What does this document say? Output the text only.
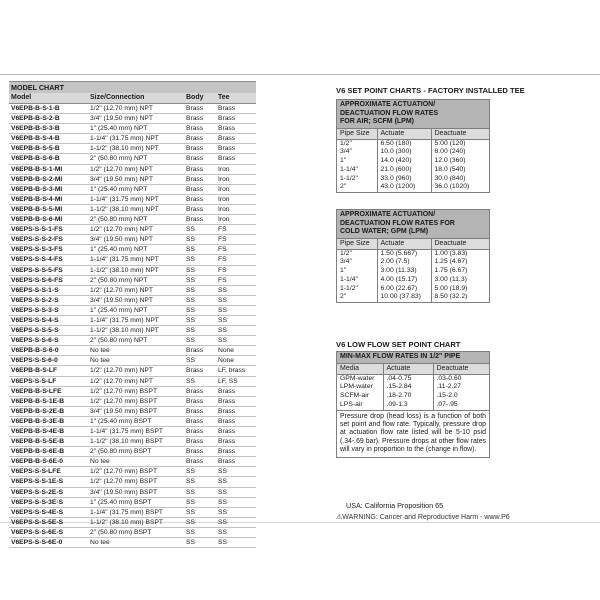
MODEL CHART
Model	Size/Connection	Body	Tee
V6EPB-B-S-1-B	1/2" (12.70 mm) NPT	Brass	Brass
V6EPB-B-S-2-B	3/4" (19.50 mm) NPT	Brass	Brass
V6EPB-B-S-3-B	1" (25.40 mm) NPT	Brass	Brass
V6EPB-B-S-4-B	1-1/4" (31.75 mm) NPT	Brass	Brass
V6EPB-B-S-5-B	1-1/2" (38.10 mm) NPT	Brass	Brass
V6EPB-B-S-6-B	2" (50.80 mm) NPT	Brass	Brass
V6EPB-B-S-1-MI	1/2" (12.70 mm) NPT	Brass	Iron
V6EPB-B-S-2-MI	3/4" (19.50 mm) NPT	Brass	Iron
V6EPB-B-S-3-MI	1" (25.40 mm) NPT	Brass	Iron
V6EPB-B-S-4-MI	1-1/4" (31.75 mm) NPT	Brass	Iron
V6EPB-B-S-5-MI	1-1/2" (38.10 mm) NPT	Brass	Iron
V6EPB-B-S-6-MI	2" (50.80 mm) NPT	Brass	Iron
V6EPS-S-S-1-FS	1/2" (12.70 mm) NPT	SS	FS
V6EPS-S-S-2-FS	3/4" (19.50 mm) NPT	SS	FS
V6EPS-S-S-3-FS	1" (25.40 mm) NPT	SS	FS
V6EPS-S-S-4-FS	1-1/4" (31.75 mm) NPT	SS	FS
V6EPS-S-S-5-FS	1-1/2" (38.10 mm) NPT	SS	FS
V6EPS-S-S-6-FS	2" (50.80 mm) NPT	SS	FS
V6EPS-S-S-1-S	1/2" (12.70 mm) NPT	SS	SS
V6EPS-S-S-2-S	3/4" (19.50 mm) NPT	SS	SS
V6EPS-S-S-3-S	1" (25.40 mm) NPT	SS	SS
V6EPS-S-S-4-S	1-1/4" (31.75 mm) NPT	SS	SS
V6EPS-S-S-5-S	1-1/2" (38.10 mm) NPT	SS	SS
V6EPS-S-S-6-S	2" (50.80 mm) NPT	SS	SS
V6EPB-B-S-6-0	No tee	Brass	None
V6EPS-S-S-6-0	No tee	SS	None
V6EPB-B-S-LF	1/2" (12.70 mm) NPT	Brass	LF, brass
V6EPS-S-S-LF	1/2" (12.70 mm) NPT	SS	LF, SS
V6EPB-B-S-LFE	1/2" (12.70 mm) BSPT	Brass	Brass
V6EPB-B-S-1E-B	1/2" (12.70 mm) BSPT	Brass	Brass
V6EPB-B-S-2E-B	3/4" (19.50 mm) BSPT	Brass	Brass
V6EPB-B-S-3E-B	1" (25.40 mm) BSPT	Brass	Brass
V6EPB-B-S-4E-B	1-1/4" (31.75 mm) BSPT	Brass	Brass
V6EPB-B-S-5E-B	1-1/2" (38.10 mm) BSPT	Brass	Brass
V6EPB-B-S-6E-B	2" (50.80 mm) BSPT	Brass	Brass
V6EPB-B-S-6E-0	No tee	Brass	Brass
V6EPS-S-S-LFE	1/2" (12.70 mm) BSPT	SS	SS
V6EPS-S-S-1E-S	1/2" (12.70 mm) BSPT	SS	SS
V6EPS-S-S-2E-S	3/4" (19.50 mm) BSPT	SS	SS
V6EPS-S-S-3E-S	1" (25.40 mm) BSPT	SS	SS
V6EPS-S-S-4E-S	1-1/4" (31.75 mm) BSPT	SS	SS
V6EPS-S-S-5E-S	1-1/2" (38.10 mm) BSPT	SS	SS
V6EPS-S-S-6E-S	2" (50.80 mm) BSPT	SS	SS
V6EPS-S-S-6E-0	No tee	SS	SS
V6 SET POINT CHARTS - FACTORY INSTALLED TEE
APPROXIMATE ACTUATION/
DEACTUATION FLOW RATES
FOR AIR; SCFM (LPM)
Pipe Size	Actuate	Deactuate
1/2"	6.50 (180)	5.00 (120)
3/4"	10.0 (300)	8.00 (240)
1"	14.0 (420)	12.0 (360)
1-1/4"	21.0 (600)	18.0 (540)
1-1/2"	33.0 (960)	30.0 (840)
2"	43.0 (1200)	36.0 (1020)
APPROXIMATE ACTUATION/
DEACTUATION FLOW RATES FOR
COLD WATER; GPM (LPM)
Pipe Size	Actuate	Deactuate
1/2"	1.50 (5.667)	1.00 (3.83)
3/4"	2.00 (7.5)	1.25 (4.67)
1"	3.00 (11.33)	1.75 (6.67)
1-1/4"	4.00 (15.17)	3.00 (11.3)
1-1/2"	6.00 (22.67)	5.00 (18.9)
2"	10.00 (37.83)	8.50 (32.2)
V6 LOW FLOW SET POINT CHART
MIN-MAX FLOW RATES IN 1/2" PIPE
Media	Actuate	Deactuate
GPM-water	.04-0.75	.03-0.60
LPM-water	.15-2.84	.11-2.27
SCFM-air	.18-2.70	.15-2.0
LPS-air	.09-1.3	.07-.95
Pressure drop (head loss) is a function of both set point and flow rate. Typically, pressure drop at actuation flow rate listed will be 5-10 psid (.34-.69 bar). Pressure drops at other flow rates will vary in proportion to the (change in flow).
USA: California Proposition 65
⚠WARNING: Cancer and Reproductive Harm - www.P6
